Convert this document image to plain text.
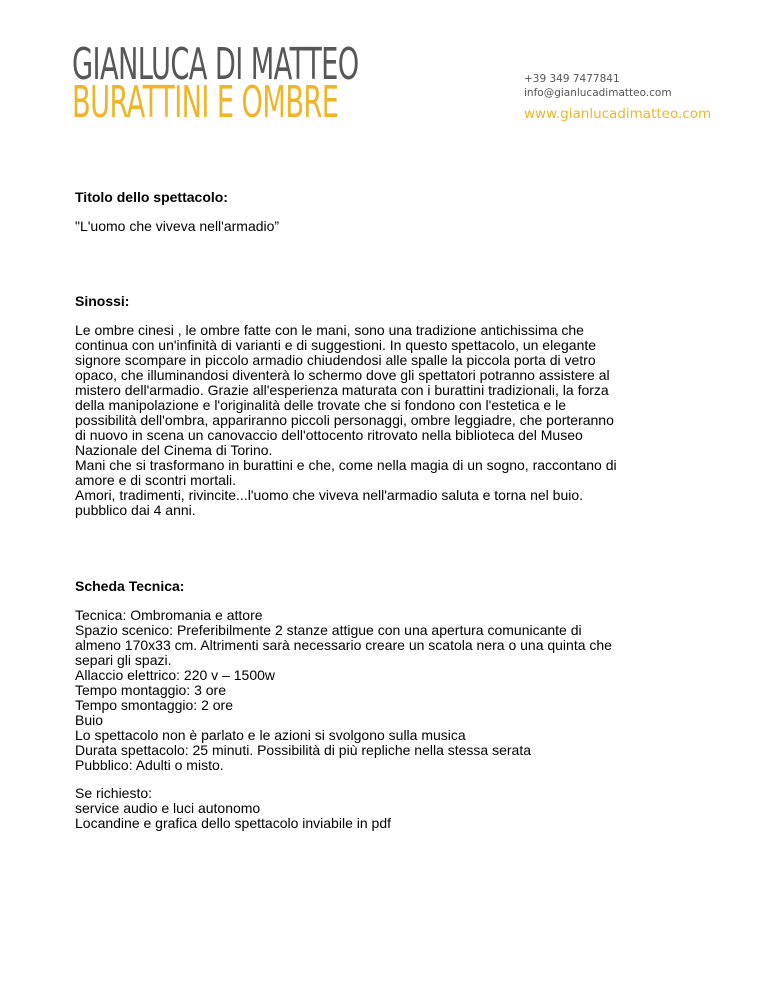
GIANLUCA DI MATTEO
BURATTINI E OMBRE	+39 349 7477841
info@gianlucadimatteo.com
www.gianlucadimatteo.com

Titolo dello spettacolo:

"L'uomo che viveva nell'armadio”

Sinossi:

Le ombre cinesi , le ombre fatte con le mani, sono una tradizione antichissima che

continua con un'infinità di varianti e di suggestioni. In questo spettacolo, un elegante

signore scompare in piccolo armadio chiudendosi alle spalle la piccola porta di vetro

opaco, che illuminandosi diventerà lo schermo dove gli spettatori potranno assistere al

mistero dell'armadio. Grazie all'esperienza maturata con i burattini tradizionali, la forza

della manipolazione e l'originalità delle trovate che si fondono con l'estetica e le

possibilità dell'ombra, appariranno piccoli personaggi, ombre leggiadre, che porteranno

di nuovo in scena un canovaccio dell'ottocento ritrovato nella biblioteca del Museo

Nazionale del Cinema di Torino.

Mani che si trasformano in burattini e che, come nella magia di un sogno, raccontano di

amore e di scontri mortali.

Amori, tradimenti, rivincite...l'uomo che viveva nell'armadio saluta e torna nel buio.

pubblico dai 4 anni.

Scheda Tecnica:

Tecnica: Ombromania e attore

Spazio scenico: Preferibilmente 2 stanze attigue con una apertura comunicante di

almeno 170x33 cm. Altrimenti sarà necessario creare un scatola nera o una quinta che

separi gli spazi.

Allaccio elettrico: 220 v – 1500w

Tempo montaggio: 3 ore

Tempo smontaggio: 2 ore

Buio

Lo spettacolo non è parlato e le azioni si svolgono sulla musica

Durata spettacolo: 25 minuti. Possibilità di più repliche nella stessa serata

Pubblico: Adulti o misto.

Se richiesto:

service audio e luci autonomo

Locandine e grafica dello spettacolo inviabile in pdf
